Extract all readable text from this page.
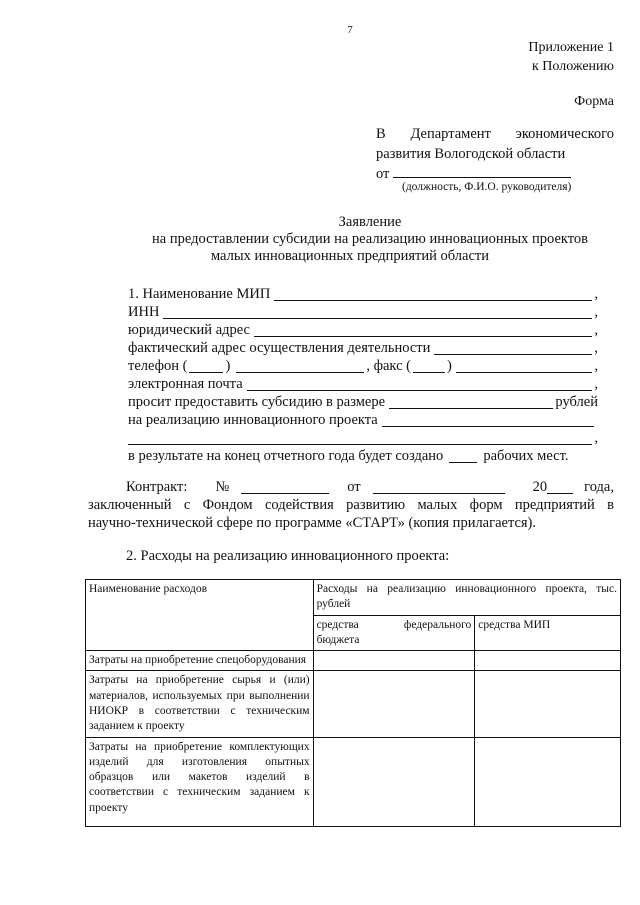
7
Приложение 1
к Положению
Форма
В Департамент экономического
развития Вологодской области
от
(должность, Ф.И.О. руководителя)
Заявление
на предоставлении субсидии на реализацию инновационных проектов
малых инновационных предприятий области
1. Наименование МИП	,
ИНН	,
юридический адрес	,
фактический адрес осуществления деятельности	,
телефон (	)	, факс ( )	,
электронная почта	,
просит предоставить субсидию в размере	рублей
на реализацию инновационного проекта
,
в результате на конец отчетного года будет создано	рабочих мест.
Контракт: №	от	20	года,
заключенный с Фондом содействия развитию малых форм предприятий в
научно-технической сфере по программе «СТАРТ» (копия прилагается).
2. Расходы на реализацию инновационного проекта:
Наименование расходов	Расходы на реализацию инновационного проекта, тыс. рублей	
	средства федерального бюджета	средства МИП
Затраты на приобретение спецоборудования		
Затраты на приобретение сырья и (или) материалов, используемых при выполнении НИОКР в соответствии с техническим заданием к проекту		
Затраты на приобретение комплектующих изделий для изготовления опытных образцов или макетов изделий в соответствии с техническим заданием к проекту		
